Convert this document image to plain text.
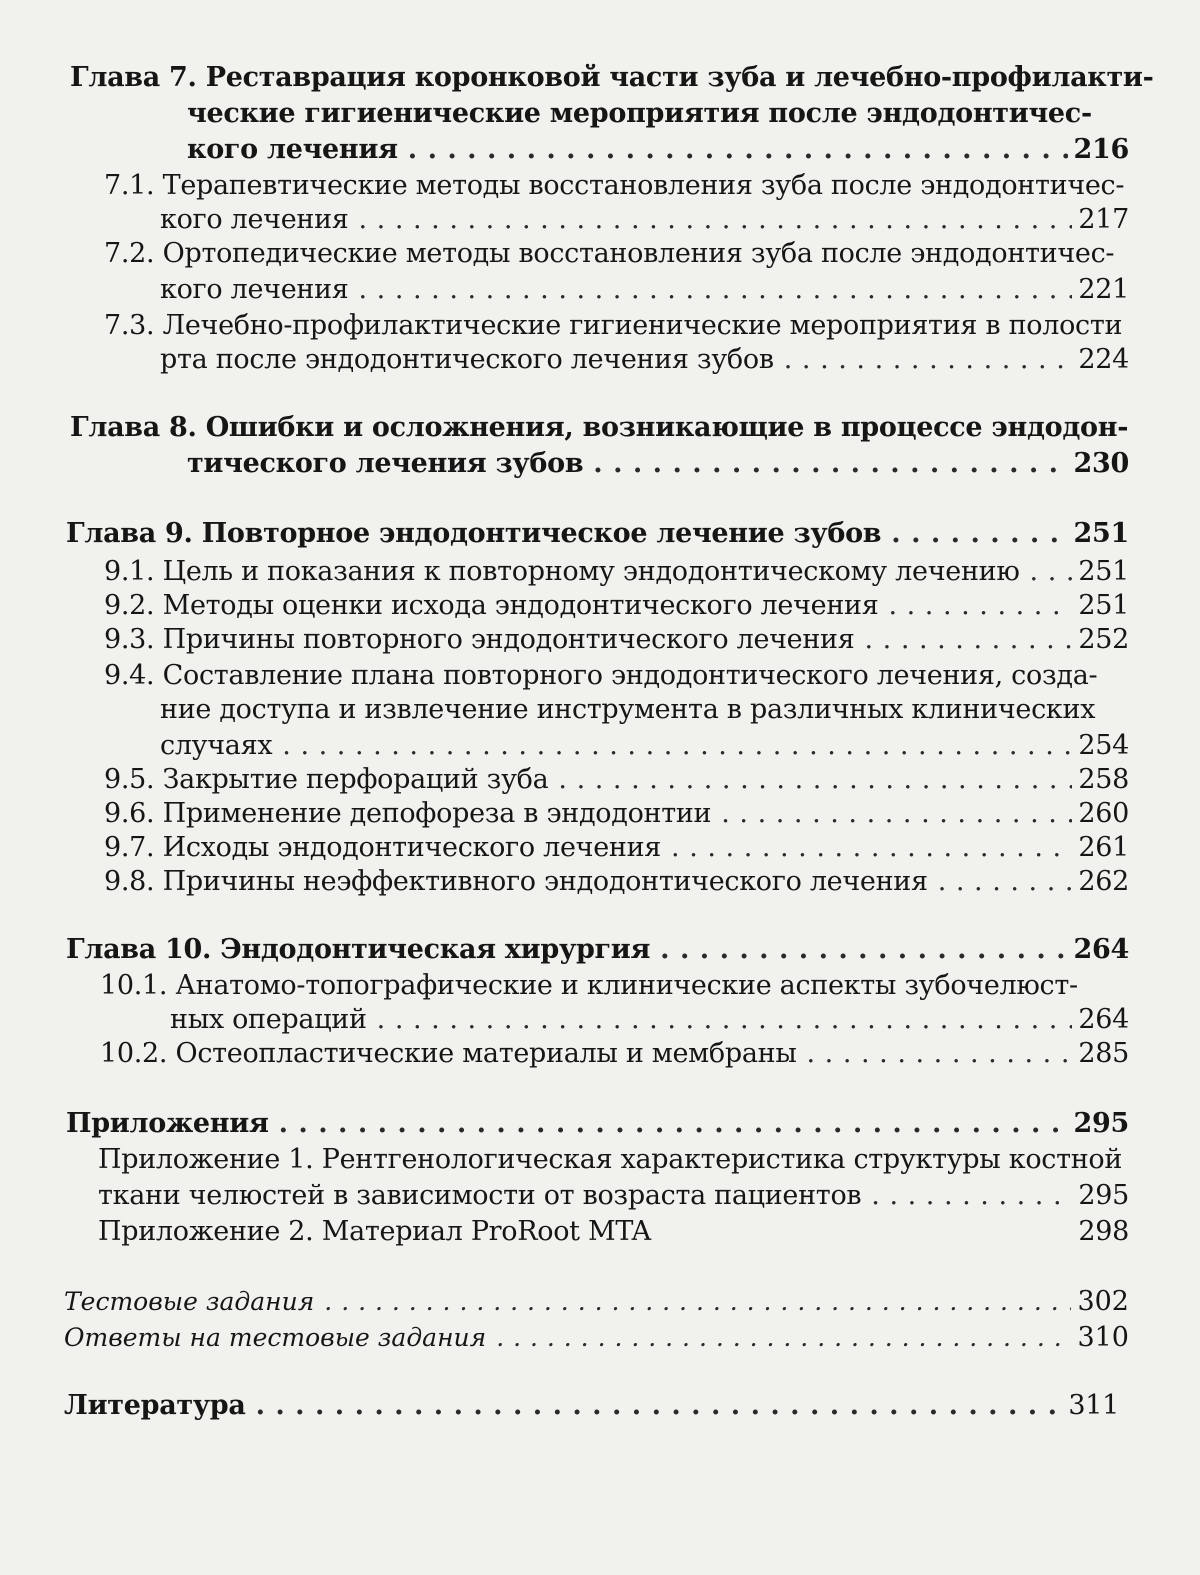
Глава 7. Реставрация коронковой части зуба и лечебно-профилакти-
ческие гигиенические мероприятия после эндодонтичес-
кого лечения . . .	216
7.1. Терапевтические методы восстановления зуба после эндодонтичес-
кого лечения . . .	217
7.2. Ортопедические методы восстановления зуба после эндодонтичес-
кого лечения . . .	221
7.3. Лечебно-профилактические гигиенические мероприятия в полости
рта после эндодонтического лечения зубов . . .	224
Глава 8. Ошибки и осложнения, возникающие в процессе эндодон-
тического лечения зубов . . .	230
Глава 9. Повторное эндодонтическое лечение зубов . . .	251
9.1. Цель и показания к повторному эндодонтическому лечению . . . 251
9.2. Методы оценки исхода эндодонтического лечения . . .	251
9.3. Причины повторного эндодонтического лечения . . .	252
9.4. Составление плана повторного эндодонтического лечения, созда-
ние доступа и извлечение инструмента в различных клинических
случаях . . .	254
9.5. Закрытие перфораций зуба . . .	258
9.6. Применение депофореза в эндодонтии . . .	260
9.7. Исходы эндодонтического лечения . . .	261
9.8. Причины неэффективного эндодонтического лечения . . .	262
Глава 10. Эндодонтическая хирургия . . .	264
10.1. Анатомо-топографические и клинические аспекты зубочелюст-
ных операций . . .	264
10.2. Остеопластические материалы и мембраны . . .	285
Приложения . . .	295
Приложение 1. Рентгенологическая характеристика структуры костной
ткани челюстей в зависимости от возраста пациентов . . .	295
Приложение 2. Материал ProRoot MTA	298
Тестовые задания . . .	302
Ответы на тестовые задания . . .	310
Литература . . .	311
